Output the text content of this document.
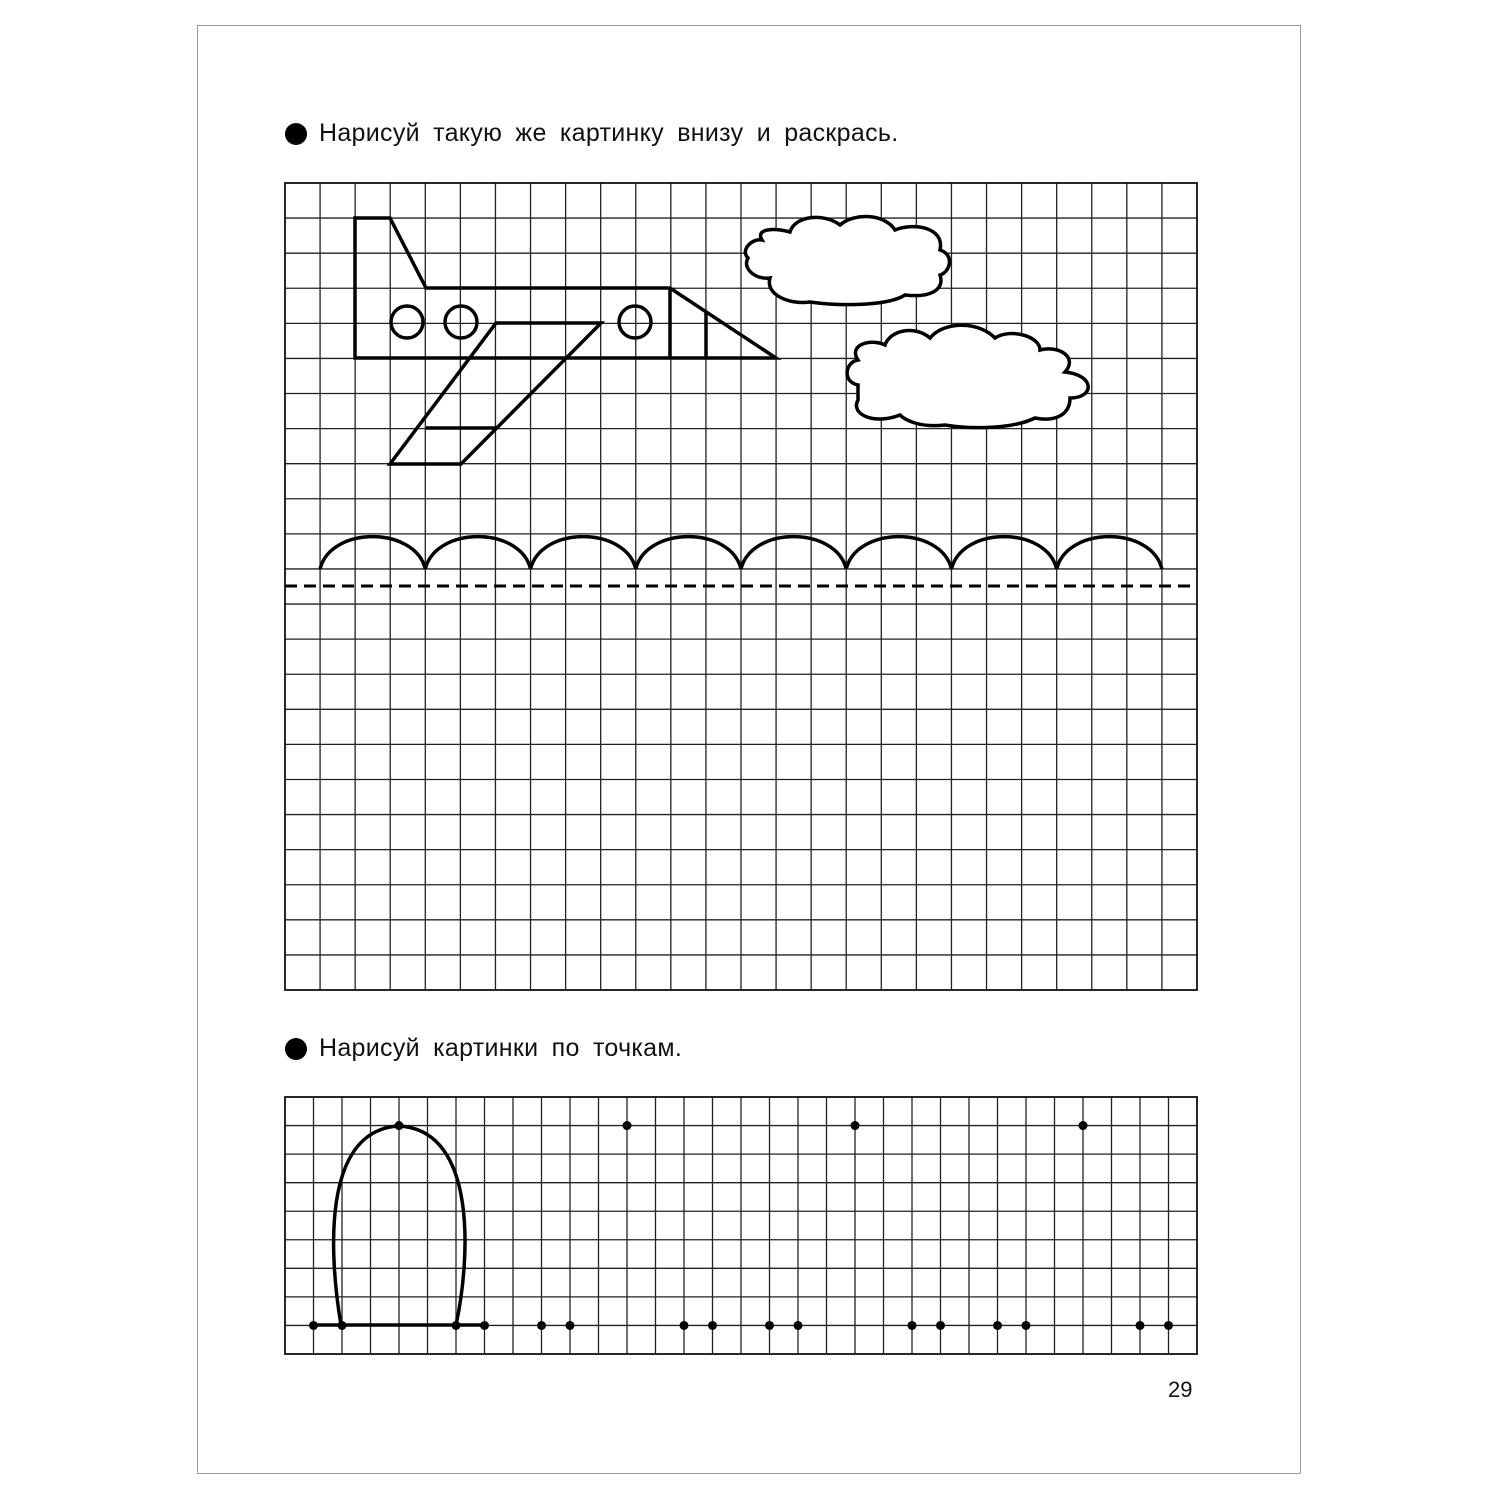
Нарисуй такую же картинку внизу и раскрась.
Нарисуй картинки по точкам.
29
